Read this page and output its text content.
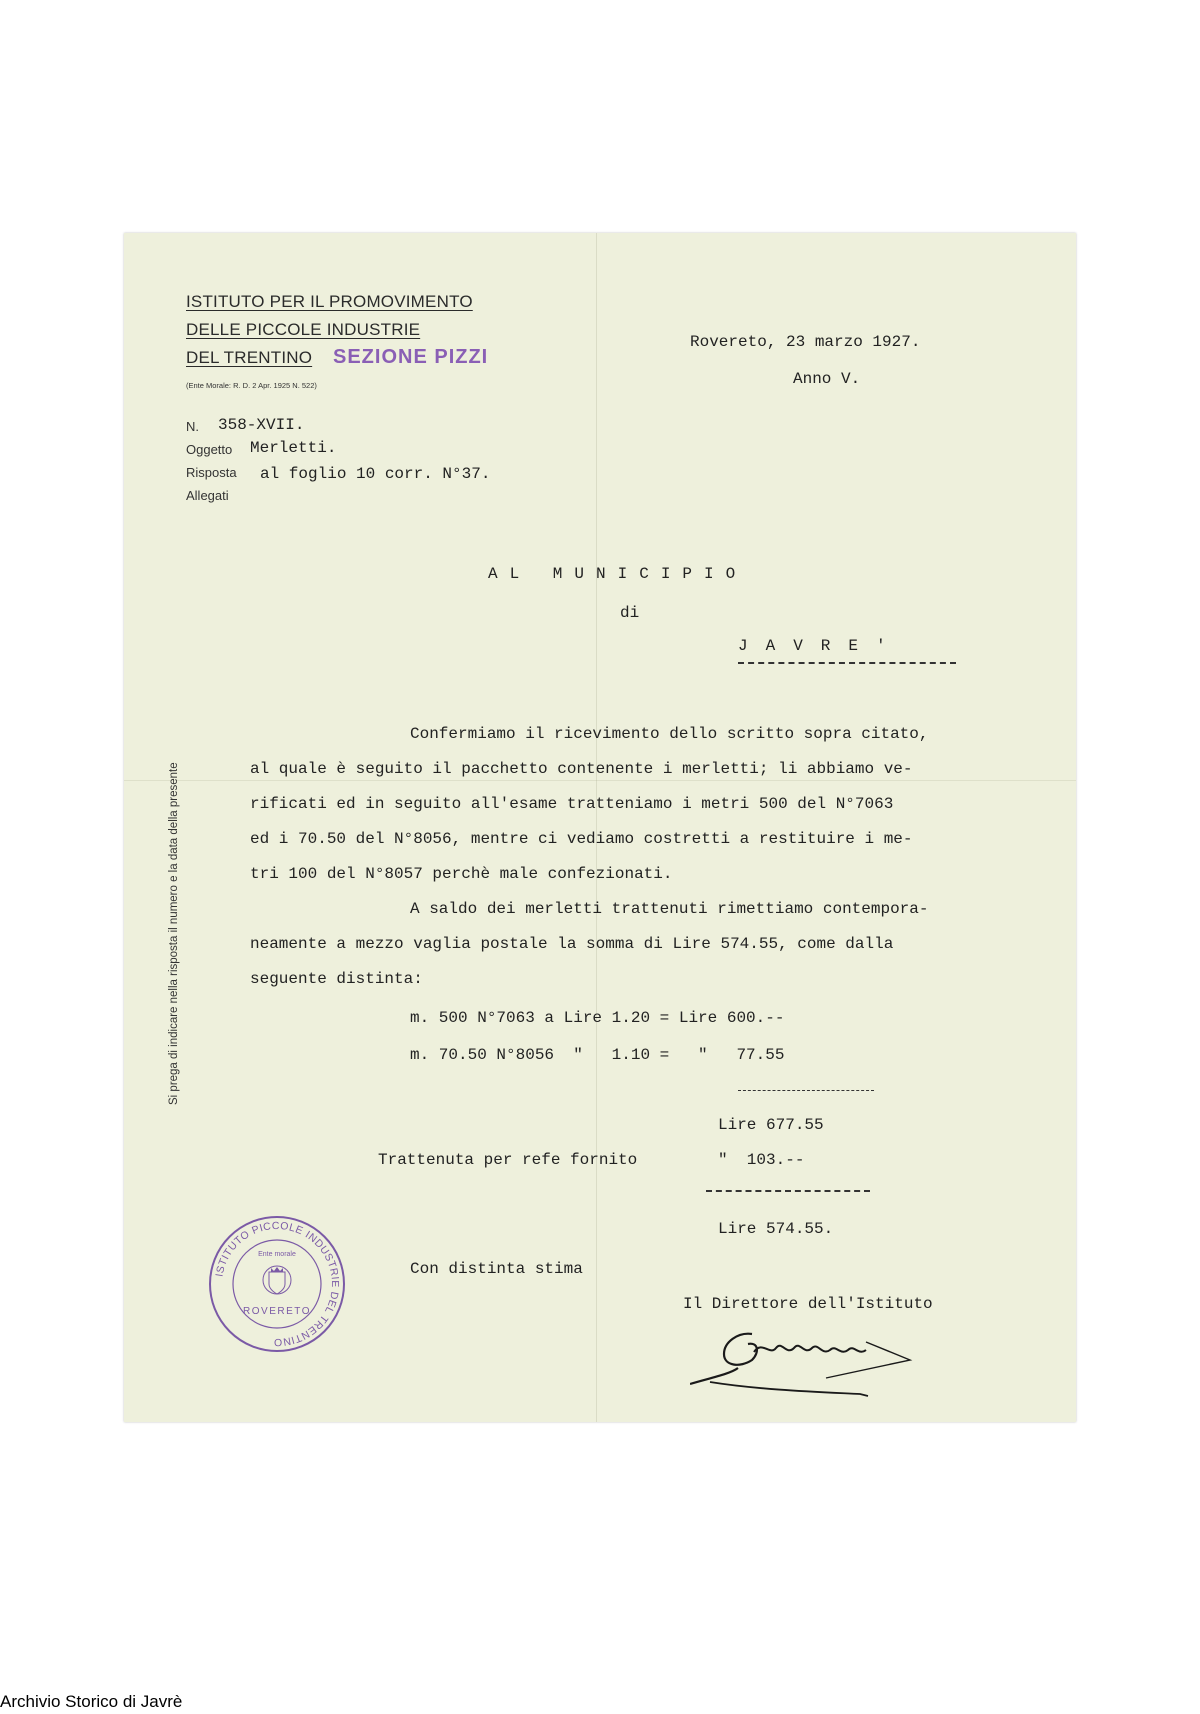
ISTITUTO PER IL PROMOVIMENTO
DELLE PICCOLE INDUSTRIE
DEL TRENTINO SEZIONE PIZZI
(Ente Morale: R. D. 2 Apr. 1925 N. 522)
Rovereto, 23 marzo 1927.
Anno V.
N. 358-XVII.
Oggetto Merletti.
Risposta al foglio 10 corr. N°37.
Allegati
AL MUNICIPIO
di
JAVRE'
Confermiamo il ricevimento dello scritto sopra citato,
al quale è seguito il pacchetto contenente i merletti; li abbiamo ve-
rificati ed in seguito all'esame tratteniamo i metri 500 del N°7063
ed i 70.50 del N°8056, mentre ci vediamo costretti a restituire i me-
tri 100 del N°8057 perchè male confezionati.
A saldo dei merletti trattenuti rimettiamo contempora-
neamente a mezzo vaglia postale la somma di Lire 574.55, come dalla
seguente distinta:
m. 500 N°7063 a Lire 1.20 = Lire 600.--
m. 70.50 N°8056  "   1.10 =   "   77.55
Lire 677.55
Trattenuta per refe fornito	"  103.--
Lire 574.55.
Con distinta stima
Il Direttore dell'Istituto
ISTITUTO PICCOLE INDUSTRIE DEL TRENTINO
Ente morale
ROVERETO
Si prega di indicare nella risposta il numero e la data della presente
Archivio Storico di Javrè
